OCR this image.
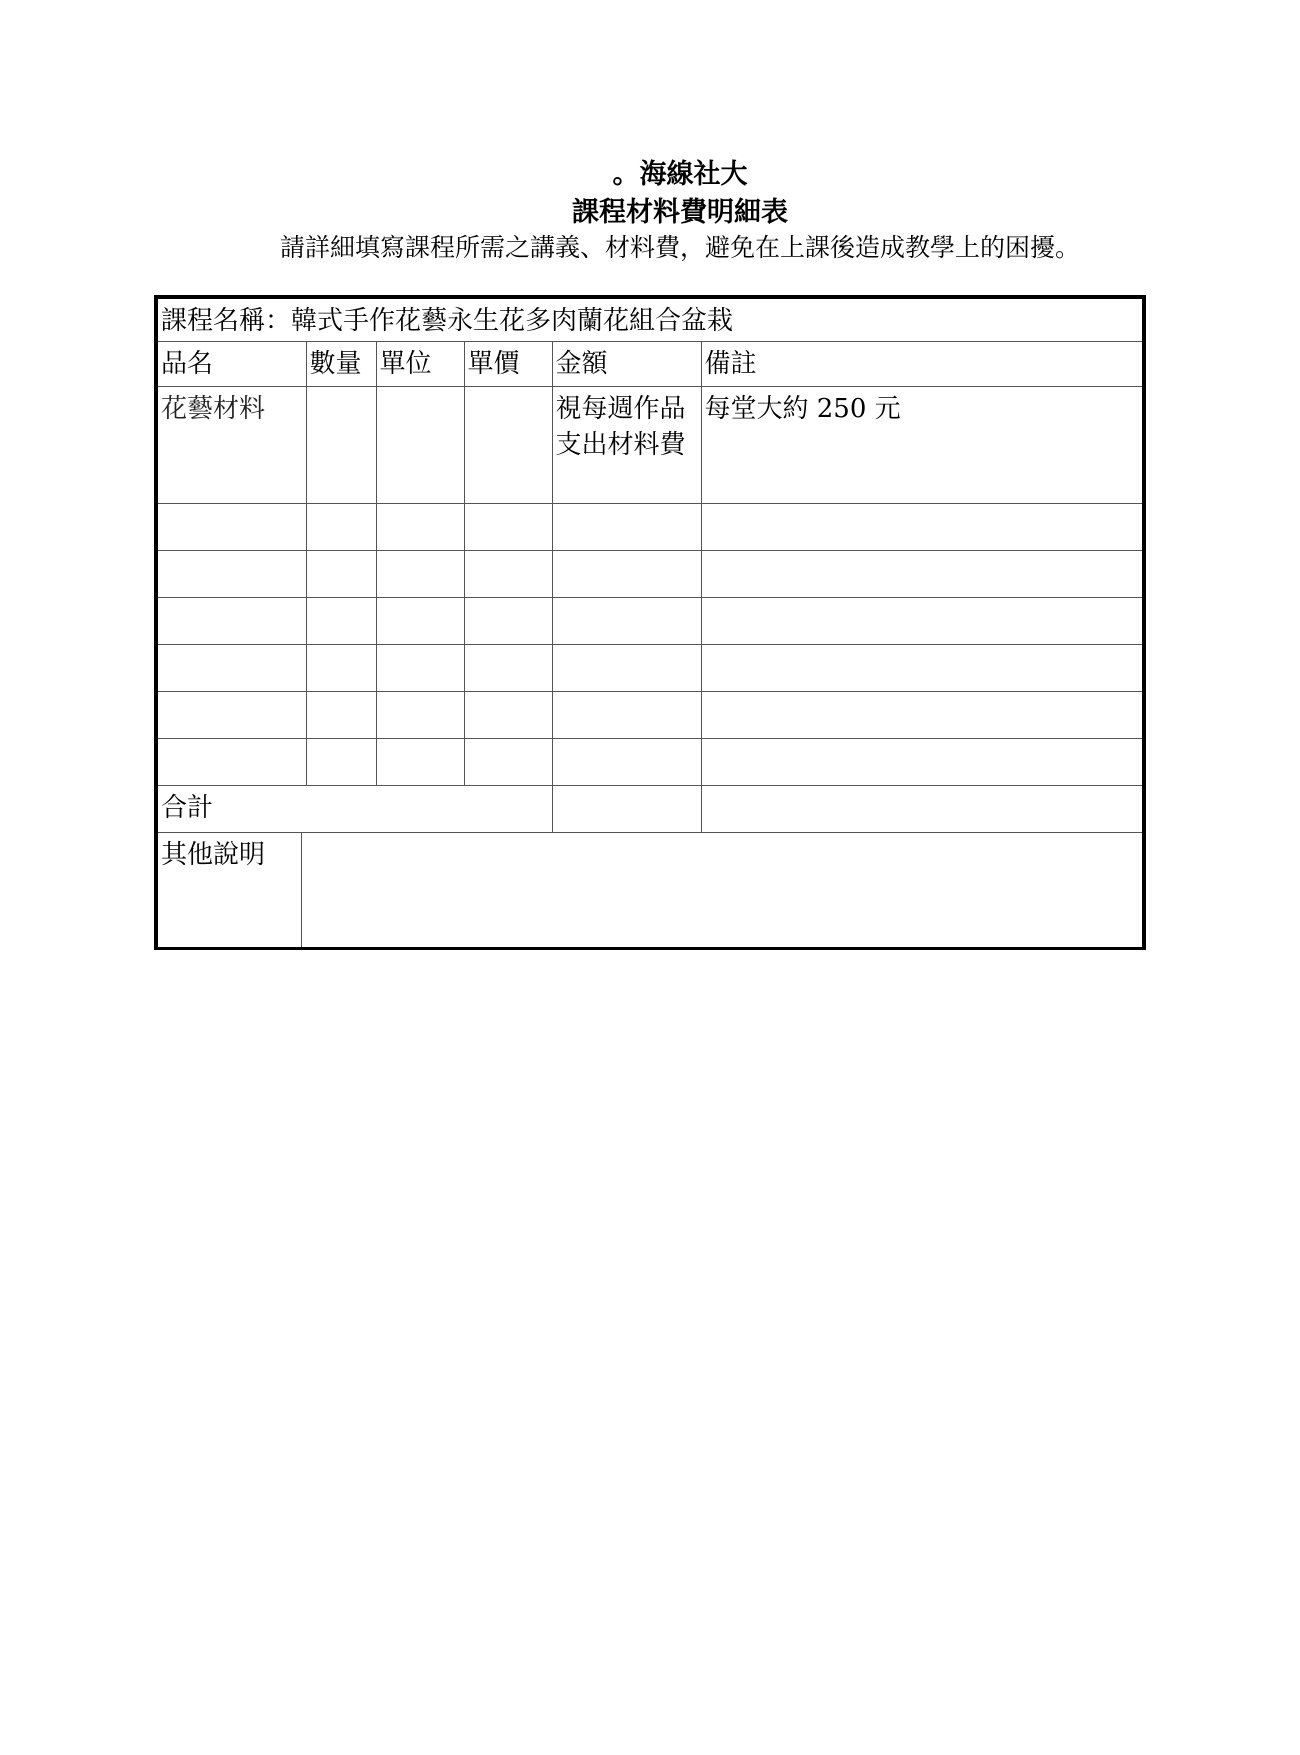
。海線社大
課程材料費明細表
請詳細填寫課程所需之講義、材料費，避免在上課後造成教學上的困擾。
課程名稱：韓式手作花藝永生花多肉蘭花組合盆栽					
品名	數量	單位	單價	金額	備註
花藝材料				視每週作品支出材料費	每堂大約 250 元

合計					

其他說明					
